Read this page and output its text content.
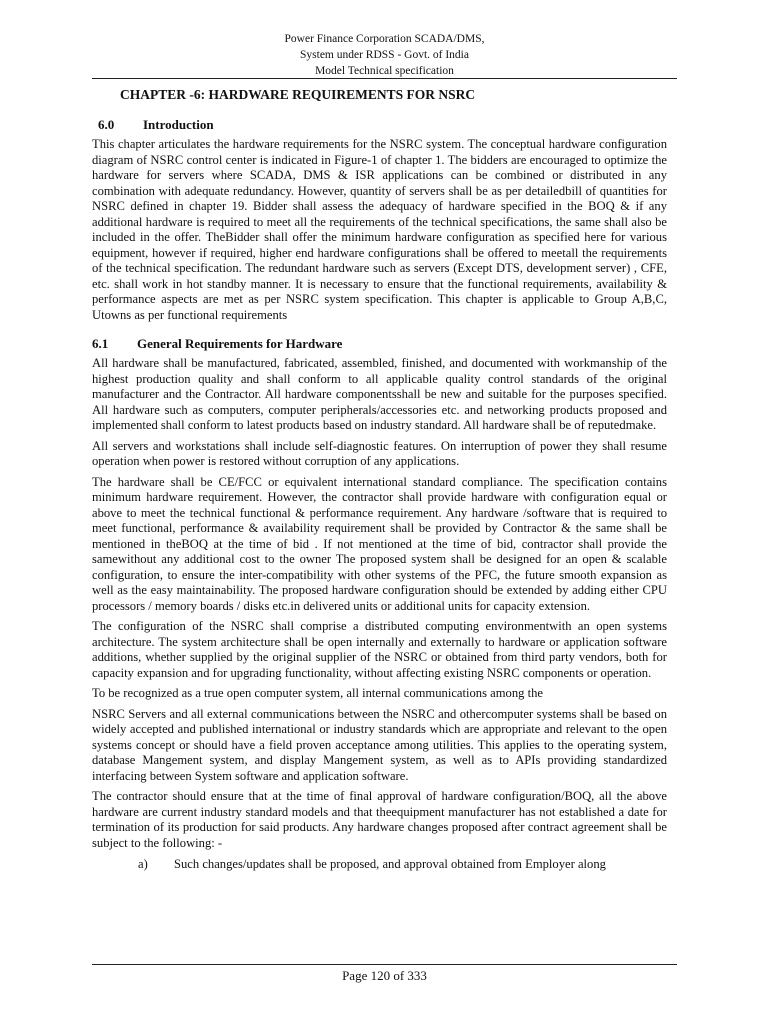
Power Finance Corporation SCADA/DMS,
System under RDSS - Govt. of India
Model Technical specification
CHAPTER -6: HARDWARE REQUIREMENTS FOR NSRC
6.0 Introduction

This chapter articulates the hardware requirements for the NSRC system. The conceptual hardware configuration diagram of NSRC control center is indicated in Figure-1 of chapter 1. The bidders are encouraged to optimize the hardware for servers where SCADA, DMS & ISR applications can be combined or distributed in any combination with adequate redundancy. However, quantity of servers shall be as per detailedbill of quantities for NSRC defined in chapter 19. Bidder shall assess the adequacy of hardware specified in the BOQ & if any additional hardware is required to meet all the requirements of the technical specifications, the same shall also be included in the offer. TheBidder shall offer the minimum hardware configuration as specified here for various equipment, however if required, higher end hardware configurations shall be offered to meetall the requirements of the technical specification. The redundant hardware such as servers (Except DTS, development server) , CFE, etc. shall work in hot standby manner. It is necessary to ensure that the functional requirements, availability & performance aspects are met as per NSRC system specification. This chapter is applicable to Group A,B,C, Utowns as per functional requirements

6.1 General Requirements for Hardware

All hardware shall be manufactured, fabricated, assembled, finished, and documented with workmanship of the highest production quality and shall conform to all applicable quality control standards of the original manufacturer and the Contractor. All hardware componentsshall be new and suitable for the purposes specified. All hardware such as computers, computer peripherals/accessories etc. and networking products proposed and implemented shall conform to latest products based on industry standard. All hardware shall be of reputedmake.

All servers and workstations shall include self-diagnostic features. On interruption of power they shall resume operation when power is restored without corruption of any applications.

The hardware shall be CE/FCC or equivalent international standard compliance. The specification contains minimum hardware requirement. However, the contractor shall provide hardware with configuration equal or above to meet the technical functional & performance requirement. Any hardware /software that is required to meet functional, performance & availability requirement shall be provided by Contractor & the same shall be mentioned in theBOQ at the time of bid . If not mentioned at the time of bid, contractor shall provide the samewithout any additional cost to the owner The proposed system shall be designed for an open & scalable configuration, to ensure the inter-compatibility with other systems of the PFC, the future smooth expansion as well as the easy maintainability. The proposed hardware configuration should be extended by adding either CPU processors / memory boards / disks etc.in delivered units or additional units for capacity extension.

The configuration of the NSRC shall comprise a distributed computing environmentwith an open systems architecture. The system architecture shall be open internally and externally to hardware or application software additions, whether supplied by the original supplier of the NSRC or obtained from third party vendors, both for capacity expansion and for upgrading functionality, without affecting existing NSRC components or operation.

To be recognized as a true open computer system, all internal communications among the

NSRC Servers and all external communications between the NSRC and othercomputer systems shall be based on widely accepted and published international or industry standards which are appropriate and relevant to the open systems concept or should have a field proven acceptance among utilities. This applies to the operating system, database Mangement system, and display Mangement system, as well as to APIs providing standardized interfacing between System software and application software.

The contractor should ensure that at the time of final approval of hardware configuration/BOQ, all the above hardware are current industry standard models and that theequipment manufacturer has not established a date for termination of its production for said products. Any hardware changes proposed after contract agreement shall be subject to the following: -

a) Such changes/updates shall be proposed, and approval obtained from Employer along
Page 120 of 333
